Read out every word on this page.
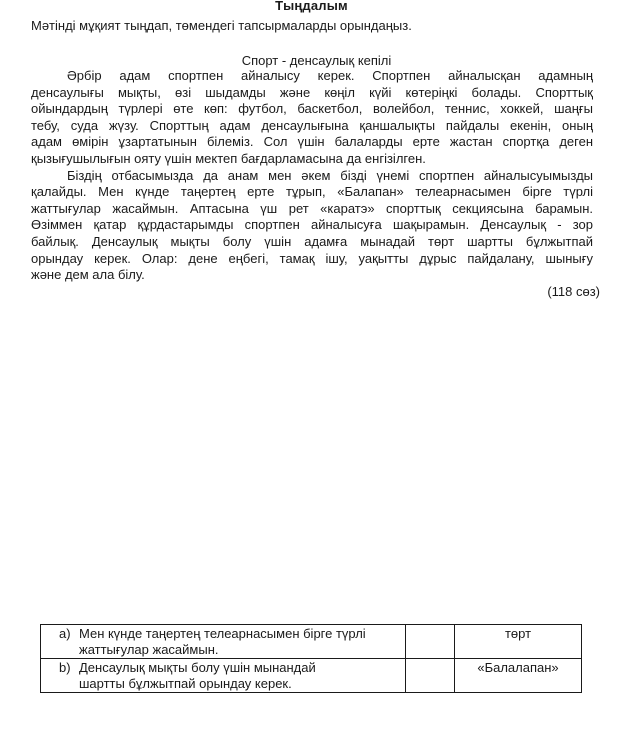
Тыңдалым
Мәтінді мұқият тыңдап, төмендегі тапсырмаларды орындаңыз.
Спорт - денсаулық кепілі
Әрбір адам спортпен айналысу керек. Спортпен айналысқан адамның
денсаулығы мықты, өзі шыдамды және көңіл күйі көтеріңкі болады. Спорттық
ойындардың түрлері өте көп: футбол, баскетбол, волейбол, теннис, хоккей, шаңғы
тебу, суда жүзу. Спорттың адам денсаулығына қаншалықты пайдалы екенін, оның
адам өмірін ұзартатынын білеміз. Сол үшін балаларды ерте жастан спортқа деген
қызығушылығын ояту үшін мектеп бағдарламасына да енгізілген.
Біздің отбасымызда да анам мен әкем бізді үнемі спортпен айналысуымызды
қалайды. Мен күнде таңертең ерте тұрып, «Балапан» телеарнасымен бірге түрлі
жаттығулар жасаймын. Аптасына үш рет «каратэ» спорттық секциясына барамын.
Өзіммен қатар құрдастарымды спортпен айналысуға шақырамын. Денсаулық - зор
байлық. Денсаулық мықты болу үшін адамға мынадай төрт шартты бұлжытпай
орындау керек. Олар: дене еңбегі, тамақ ішу, уақытты дұрыс пайдалану, шынығу
және дем ала білу.
(118 сөз)
a) Мен күнде таңертең телеарнасымен бірге түрлі
жаттығулар жасаймын.		төрт
b) Денсаулық мықты болу үшін мынандай
шартты бұлжытпай орындау керек.		«Балалапан»
